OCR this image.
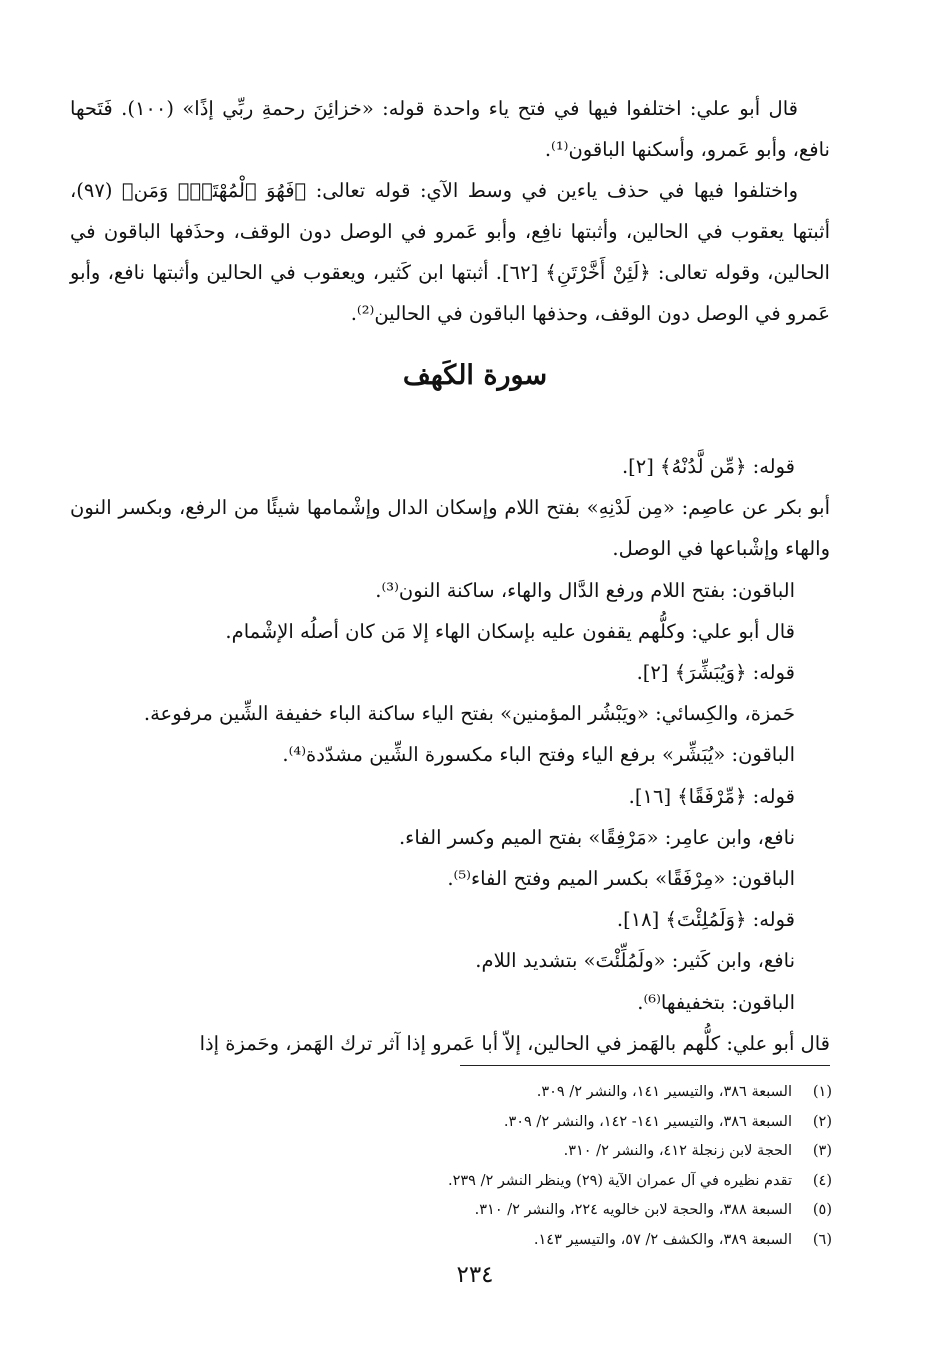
قال أبو علي: اختلفوا فيها في فتح ياء واحدة قوله: «خزائِنَ رحمةِ ربِّي إذًا» (١٠٠). فَتَحها نافع، وأبو عَمرو، وأسكنها الباقون⁽¹⁾.

واختلفوا فيها في حذف ياءين في وسط الآي: قوله تعالى: ﴿فَهُوَ ٱلْمُهْتَدِۖ وَمَن﴾ (٩٧)، أثبتها يعقوب في الحالين، وأثبتها نافِع، وأبو عَمرو في الوصل دون الوقف، وحذَفها الباقون في الحالين، وقوله تعالى: ﴿لَئِنْ أَخَّرْتَنِ﴾ [٦٢]. أثبتها ابن كَثير، ويعقوب في الحالين وأثبتها نافع، وأبو عَمرو في الوصل دون الوقف، وحذفها الباقون في الحالين⁽²⁾.

سورة الكَهف

قوله: ﴿مِّن لَّدُنْهُ﴾ [٢].

أبو بكر عن عاصِم: «مِن لَدْنِهِ» بفتح اللام وإسكان الدال وإشْمامها شيئًا من الرفع، وبكسر النون والهاء وإشْباعها في الوصل.

الباقون: بفتح اللام ورفع الدَّال والهاء، ساكنة النون⁽³⁾.

قال أبو علي: وكلُّهم يقفون عليه بإسكان الهاء إلا مَن كان أصلُه الإشْمام.

قوله: ﴿وَيُبَشِّرَ﴾ [٢].

حَمزة، والكِسائي: «ويَبْشُر المؤمنين» بفتح الياء ساكنة الباء خفيفة الشِّين مرفوعة.

الباقون: «يُبَشِّر» برفع الياء وفتح الباء مكسورة الشِّين مشدّدة⁽⁴⁾.

قوله: ﴿مِّرْفَقًا﴾ [١٦].

نافع، وابن عامِر: «مَرْفِقًا» بفتح الميم وكسر الفاء.

الباقون: «مِرْفَقًا» بكسر الميم وفتح الفاء⁽⁵⁾.

قوله: ﴿وَلَمُلِئْتَ﴾ [١٨].

نافع، وابن كَثير: «ولَمُلِّئْتَ» بتشديد اللام.

الباقون: بتخفيفها⁽⁶⁾.

قال أبو علي: كلُّهم بالهَمز في الحالين، إلاّ أبا عَمرو إذا آثر ترك الهَمز، وحَمزة إذا

(١)السبعة ٣٨٦، والتيسير ١٤١، والنشر ٢/ ٣٠٩.
(٢)السبعة ٣٨٦، والتيسير ١٤١- ١٤٢، والنشر ٢/ ٣٠٩.
(٣)الحجة لابن زنجلة ٤١٢، والنشر ٢/ ٣١٠.
(٤)تقدم نظيره في آل عمران الآية (٢٩) وينظر النشر ٢/ ٢٣٩.
(٥)السبعة ٣٨٨، والحجة لابن خالويه ٢٢٤، والنشر ٢/ ٣١٠.
(٦)السبعة ٣٨٩، والكشف ٢/ ٥٧، والتيسير ١٤٣.
٢٣٤
